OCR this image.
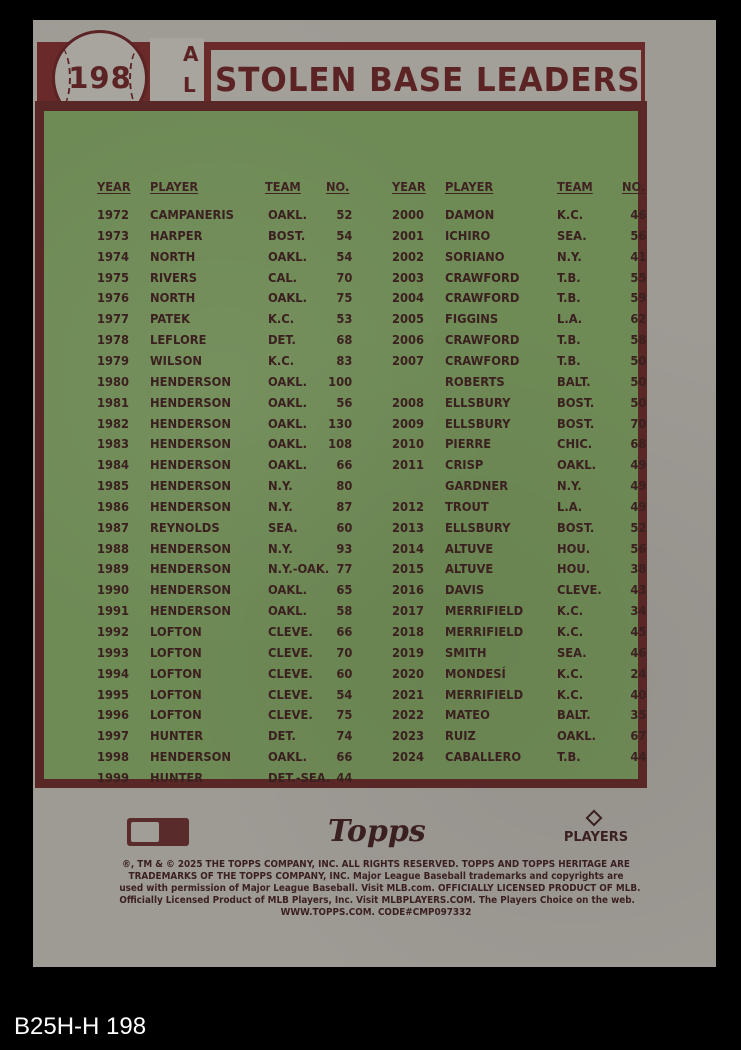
STOLEN BASE LEADERS
A
L
198
YEAR PLAYER	TEAM NO.	YEAR PLAYER	TEAM NO.
1972 CAMPANERIS	OAKL. 52
1973 HARPER	BOST. 54
1974 NORTH	OAKL. 54
1975 RIVERS	CAL.	70
1976 NORTH	OAKL. 75
1977 PATEK	K.C.	53
1978 LEFLORE	DET.	68
1979 WILSON	K.C.	83
1980 HENDERSON	OAKL. 100
1981 HENDERSON	OAKL. 56
1982 HENDERSON	OAKL. 130
1983 HENDERSON	OAKL. 108
1984 HENDERSON	OAKL. 66
1985 HENDERSON	N.Y.	80
1986 HENDERSON	N.Y.	87
1987 REYNOLDS	SEA.	60
1988 HENDERSON	N.Y.	93
1989 HENDERSON	N.Y.-OAK. 77
1990 HENDERSON	OAKL. 65
1991 HENDERSON	OAKL. 58
1992 LOFTON	CLEVE. 66
1993 LOFTON	CLEVE. 70
1994 LOFTON	CLEVE. 60
1995 LOFTON	CLEVE. 54
1996 LOFTON	CLEVE. 75
1997 HUNTER	DET.	74
1998 HENDERSON	OAKL. 66
1999 HUNTER	DET.-SEA. 44
2000 DAMON	K.C.	46
2001 ICHIRO	SEA.	56
2002 SORIANO	N.Y.	41
2003 CRAWFORD	T.B.	55
2004 CRAWFORD	T.B.	59
2005 FIGGINS	L.A.	62
2006 CRAWFORD	T.B.	58
2007 CRAWFORD	T.B.	50
ROBERTS	BALT.	50
2008 ELLSBURY	BOST.	50
2009 ELLSBURY	BOST.	70
2010 PIERRE	CHIC.	68
2011 CRISP	OAKL.	49
GARDNER	N.Y.	49
2012 TROUT	L.A.	49
2013 ELLSBURY	BOST.	52
2014 ALTUVE	HOU.	56
2015 ALTUVE	HOU.	38
2016 DAVIS	CLEVE. 43
2017 MERRIFIELD	K.C.	34
2018 MERRIFIELD	K.C.	45
2019 SMITH	SEA.	46
2020 MONDESÍ	K.C.	24
2021 MERRIFIELD	K.C.	40
2022 MATEO	BALT.	35
2023 RUIZ	OAKL.	67
2024 CABALLERO	T.B.	44
Topps	PLAYERS
®, TM & © 2025 THE TOPPS COMPANY, INC. ALL RIGHTS RESERVED. TOPPS AND TOPPS HERITAGE ARE
TRADEMARKS OF THE TOPPS COMPANY, INC. Major League Baseball trademarks and copyrights are
used with permission of Major League Baseball. Visit MLB.com. OFFICIALLY LICENSED PRODUCT OF MLB.
Officially Licensed Product of MLB Players, Inc. Visit MLBPLAYERS.COM. The Players Choice on the web.
WWW.TOPPS.COM. CODE#CMP097332
B25H-H 198
